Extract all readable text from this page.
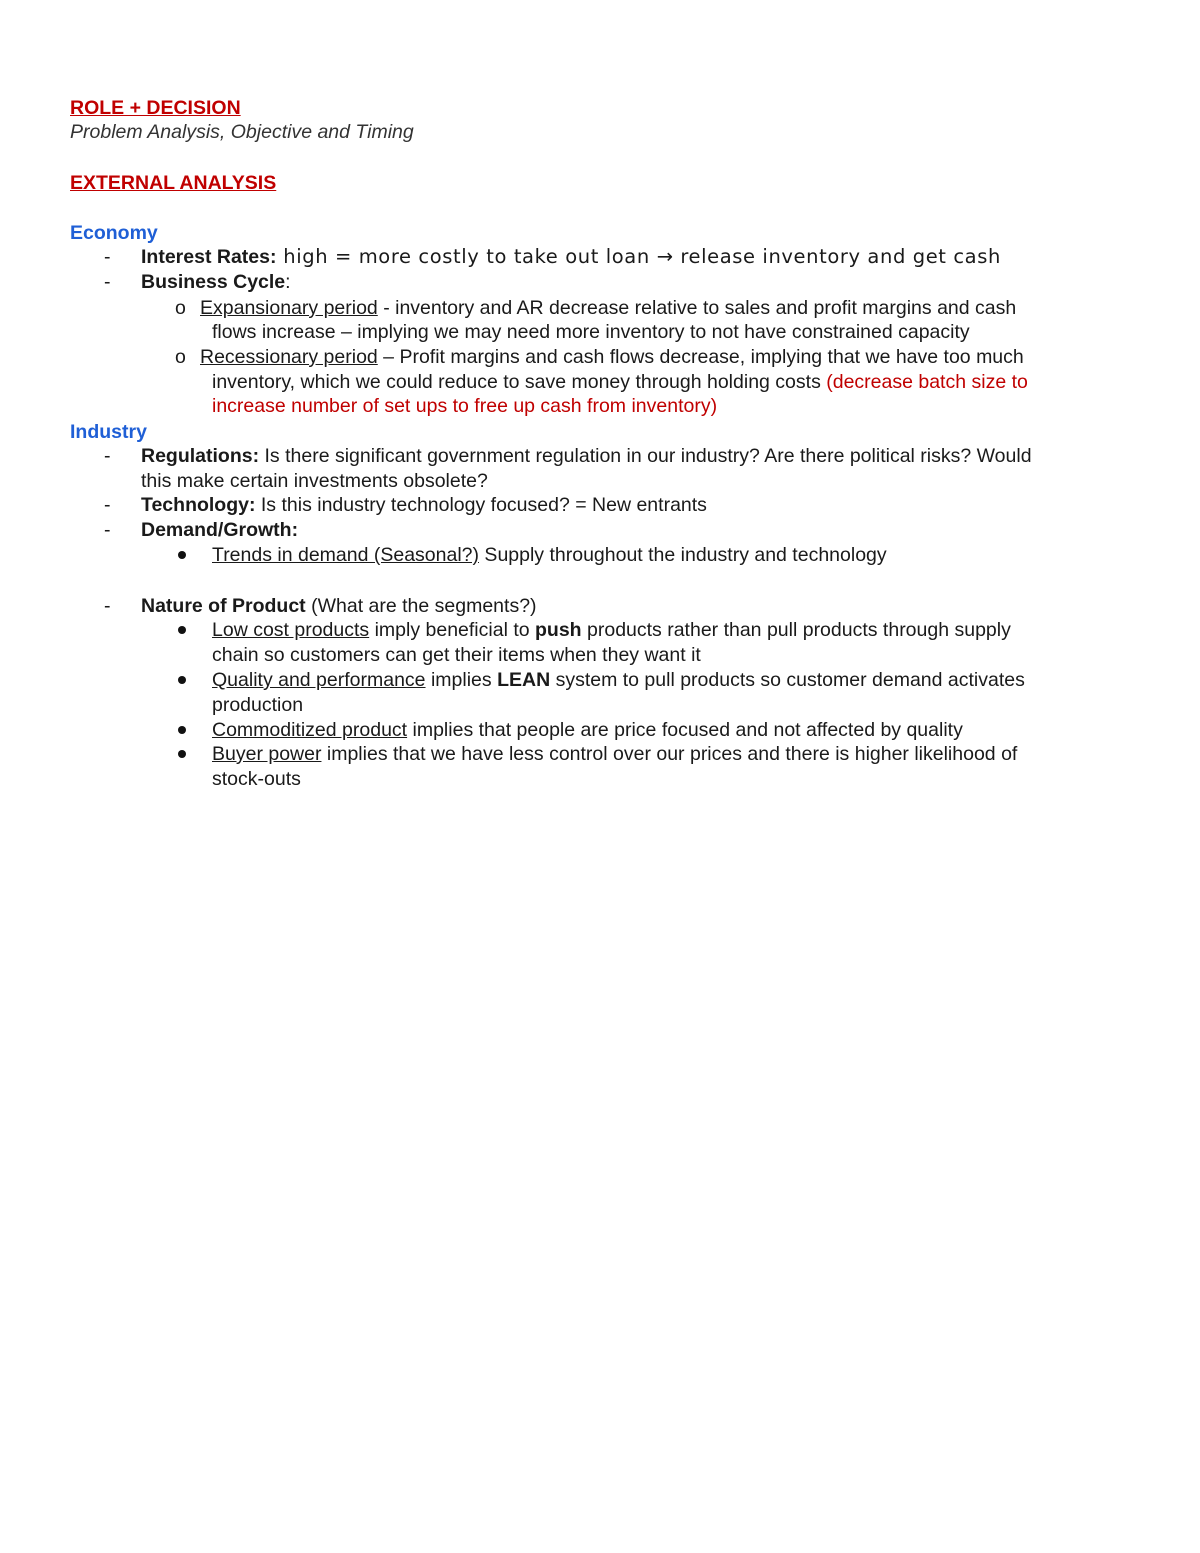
ROLE + DECISION
Problem Analysis, Objective and Timing
EXTERNAL ANALYSIS
Economy
- Interest Rates: high = more costly to take out loan → release inventory and get cash
- Business Cycle:
o Expansionary period - inventory and AR decrease relative to sales and profit margins and cash
flows increase – implying we may need more inventory to not have constrained capacity
o Recessionary period – Profit margins and cash flows decrease, implying that we have too much
inventory, which we could reduce to save money through holding costs (decrease batch size to
increase number of set ups to free up cash from inventory)
Industry
- Regulations: Is there significant government regulation in our industry? Are there political risks? Would
this make certain investments obsolete?
- Technology: Is this industry technology focused? = New entrants
- Demand/Growth:
Trends in demand (Seasonal?) Supply throughout the industry and technology
- Nature of Product (What are the segments?)
Low cost products imply beneficial to push products rather than pull products through supply
chain so customers can get their items when they want it
Quality and performance implies LEAN system to pull products so customer demand activates
production
Commoditized product implies that people are price focused and not affected by quality
Buyer power implies that we have less control over our prices and there is higher likelihood of
stock-outs
